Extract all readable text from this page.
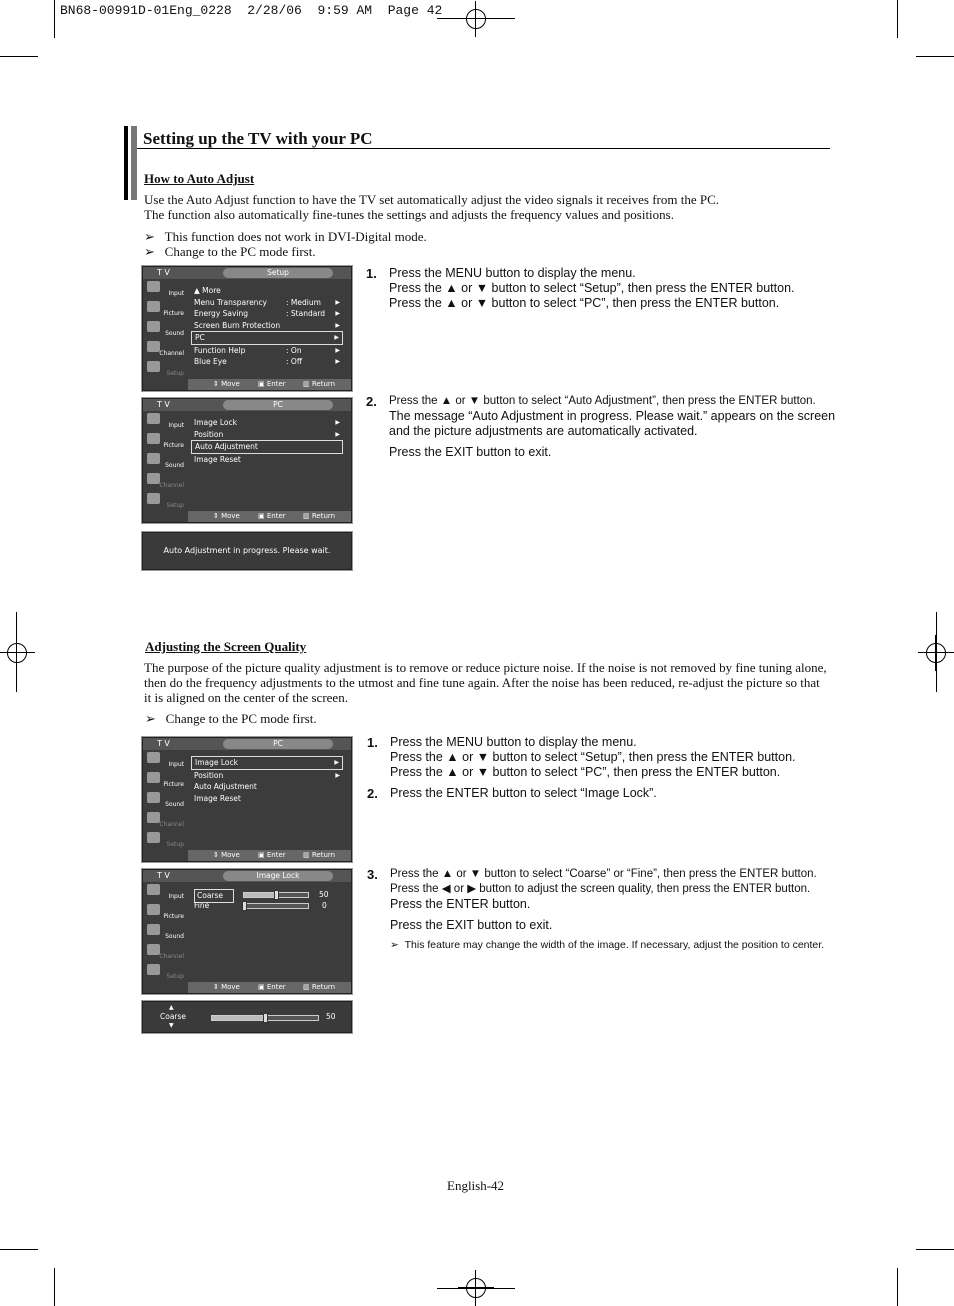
BN68-00991D-01Eng_0228 2/28/06 9:59 AM Page 42
Setting up the TV with your PC
How to Auto Adjust
Use the Auto Adjust function to have the TV set automatically adjust the video signals it receives from the PC.
The function also automatically fine-tunes the settings and adjusts the frequency values and positions.
➢   This function does not work in DVI-Digital mode.
➢   Change to the PC mode first.
T V	Setup
Input
Picture
Sound
Channel
Setup
▲ More
Menu Transparency	: Medium ▶
Energy Saving	: Standard ▶
Screen Burn Protection	▶
PC	▶
Function Help	: On	▶
Blue Eye	: Off	▶
⇕ Move	▣ Enter ▥ Return
1. Press the MENU button to display the menu.
Press the ▲ or ▼ button to select “Setup”, then press the ENTER button.
Press the ▲ or ▼ button to select “PC”, then press the ENTER button.
T V	PC
Input
Picture
Sound
Channel
Setup
Image Lock	▶
Position	▶
Auto Adjustment
Image Reset
⇕ Move	▣ Enter ▥ Return
2. Press the ▲ or ▼ button to select “Auto Adjustment”, then press the ENTER button.
The message “Auto Adjustment in progress. Please wait.” appears on the screen
and the picture adjustments are automatically activated.
Press the EXIT button to exit.
Auto Adjustment in progress. Please wait.
Adjusting the Screen Quality
The purpose of the picture quality adjustment is to remove or reduce picture noise. If the noise is not removed by fine tuning alone,
then do the frequency adjustments to the utmost and fine tune again. After the noise has been reduced, re-adjust the picture so that
it is aligned on the center of the screen.
➢   Change to the PC mode first.
T V	PC
Input
Picture
Sound
Channel
Setup
Image Lock	▶
Position	▶
Auto Adjustment
Image Reset
⇕ Move	▣ Enter ▥ Return
1. Press the MENU button to display the menu.
Press the ▲ or ▼ button to select “Setup”, then press the ENTER button.
Press the ▲ or ▼ button to select “PC”, then press the ENTER button.
2. Press the ENTER button to select “Image Lock”.
T V	Image Lock
Input
Picture
Sound
Channel
Setup
Coarse	50
Fine	0
⇕ Move	▣ Enter ▥ Return
3. Press the ▲ or ▼ button to select “Coarse” or “Fine”, then press the ENTER button.
Press the ◀ or ▶ button to adjust the screen quality, then press the ENTER button.
Press the ENTER button.
Press the EXIT button to exit.
➢  This feature may change the width of the image. If necessary, adjust the position to center.
▲
Coarse
▼
50
English-42
